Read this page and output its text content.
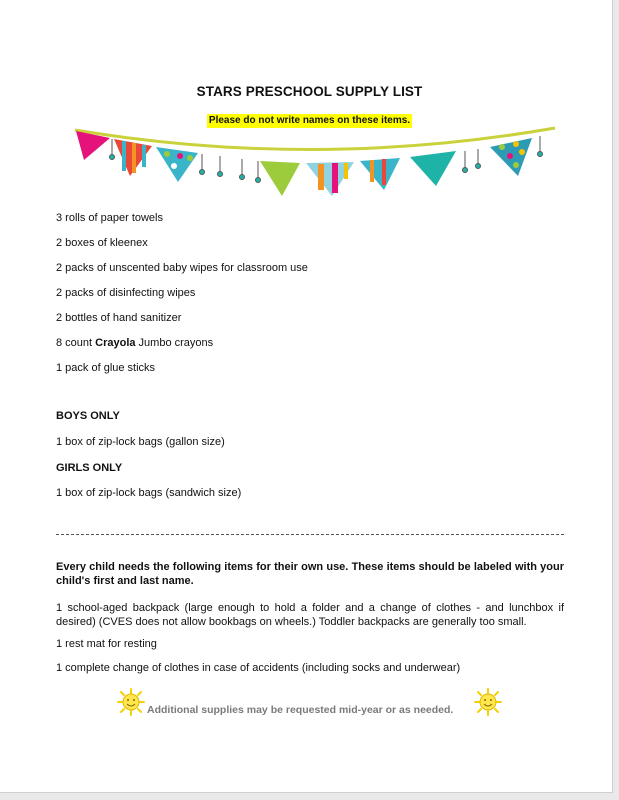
STARS PRESCHOOL SUPPLY LIST
Please do not write names on these items.
3 rolls of paper towels
2 boxes of kleenex
2 packs of unscented baby wipes for classroom use
2 packs of disinfecting wipes
2 bottles of hand sanitizer
8 count Crayola Jumbo crayons
1 pack of glue sticks
BOYS ONLY
1 box of zip-lock bags (gallon size)
GIRLS ONLY
1 box of zip-lock bags (sandwich size)
Every child needs the following items for their own use. These items should be labeled with your child's first and last name.
1 school-aged backpack (large enough to hold a folder and a change of clothes - and lunchbox if desired) (CVES does not allow bookbags on wheels.) Toddler backpacks are generally too small.
1 rest mat for resting
1 complete change of clothes in case of accidents (including socks and underwear)
Additional supplies may be requested mid-year or as needed.
